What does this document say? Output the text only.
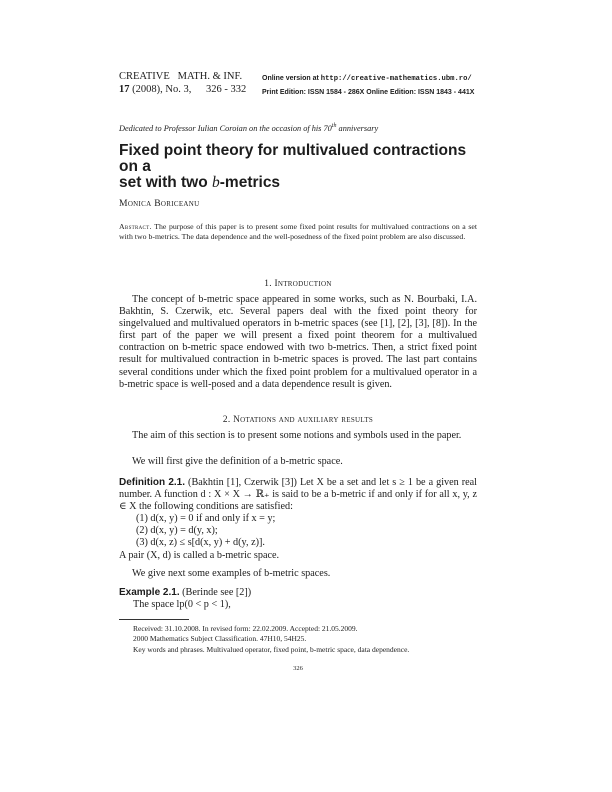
CREATIVE   MATH. & INF.
17 (2008), No. 3, 326 - 332
Online version at http://creative-mathematics.ubm.ro/
Print Edition: ISSN 1584 - 286X Online Edition: ISSN 1843 - 441X
Dedicated to Professor Iulian Coroian on the occasion of his 70th anniversary
Fixed point theory for multivalued contractions on a
set with two b-metrics
Monica Boriceanu
Abstract. The purpose of this paper is to present some fixed point results for multivalued contractions on a set with two b-metrics. The data dependence and the well-posedness of the fixed point problem are also discussed.
1. Introduction
The concept of b-metric space appeared in some works, such as N. Bourbaki, I.A. Bakhtin, S. Czerwik, etc. Several papers deal with the fixed point theory for singelvalued and multivalued operators in b-metric spaces (see [1], [2], [3], [8]). In the first part of the paper we will present a fixed point theorem for a multivalued contraction on b-metric space endowed with two b-metrics. Then, a strict fixed point result for multivalued contraction in b-metric spaces is proved. The last part contains several conditions under which the fixed point problem for a multivalued operator in a b-metric space is well-posed and a data dependence result is given.
2. Notations and auxiliary results
The aim of this section is to present some notions and symbols used in the paper.
We will first give the definition of a b-metric space.
Definition 2.1. (Bakhtin [1], Czerwik [3]) Let X be a set and let s ≥ 1 be a given real number. A function d : X × X → ℝ₊ is said to be a b-metric if and only if for all x, y, z ∈ X the following conditions are satisfied:
(1) d(x, y) = 0 if and only if x = y;
(2) d(x, y) = d(y, x);
(3) d(x, z) ≤ s[d(x, y) + d(y, z)].
A pair (X, d) is called a b-metric space.
We give next some examples of b-metric spaces.
Example 2.1. (Berinde see [2])
The space lp(0 < p < 1),
Received: 31.10.2008. In revised form: 22.02.2009. Accepted: 21.05.2009.
2000 Mathematics Subject Classification. 47H10, 54H25.
Key words and phrases. Multivalued operator, fixed point, b-metric space, data dependence.
326
